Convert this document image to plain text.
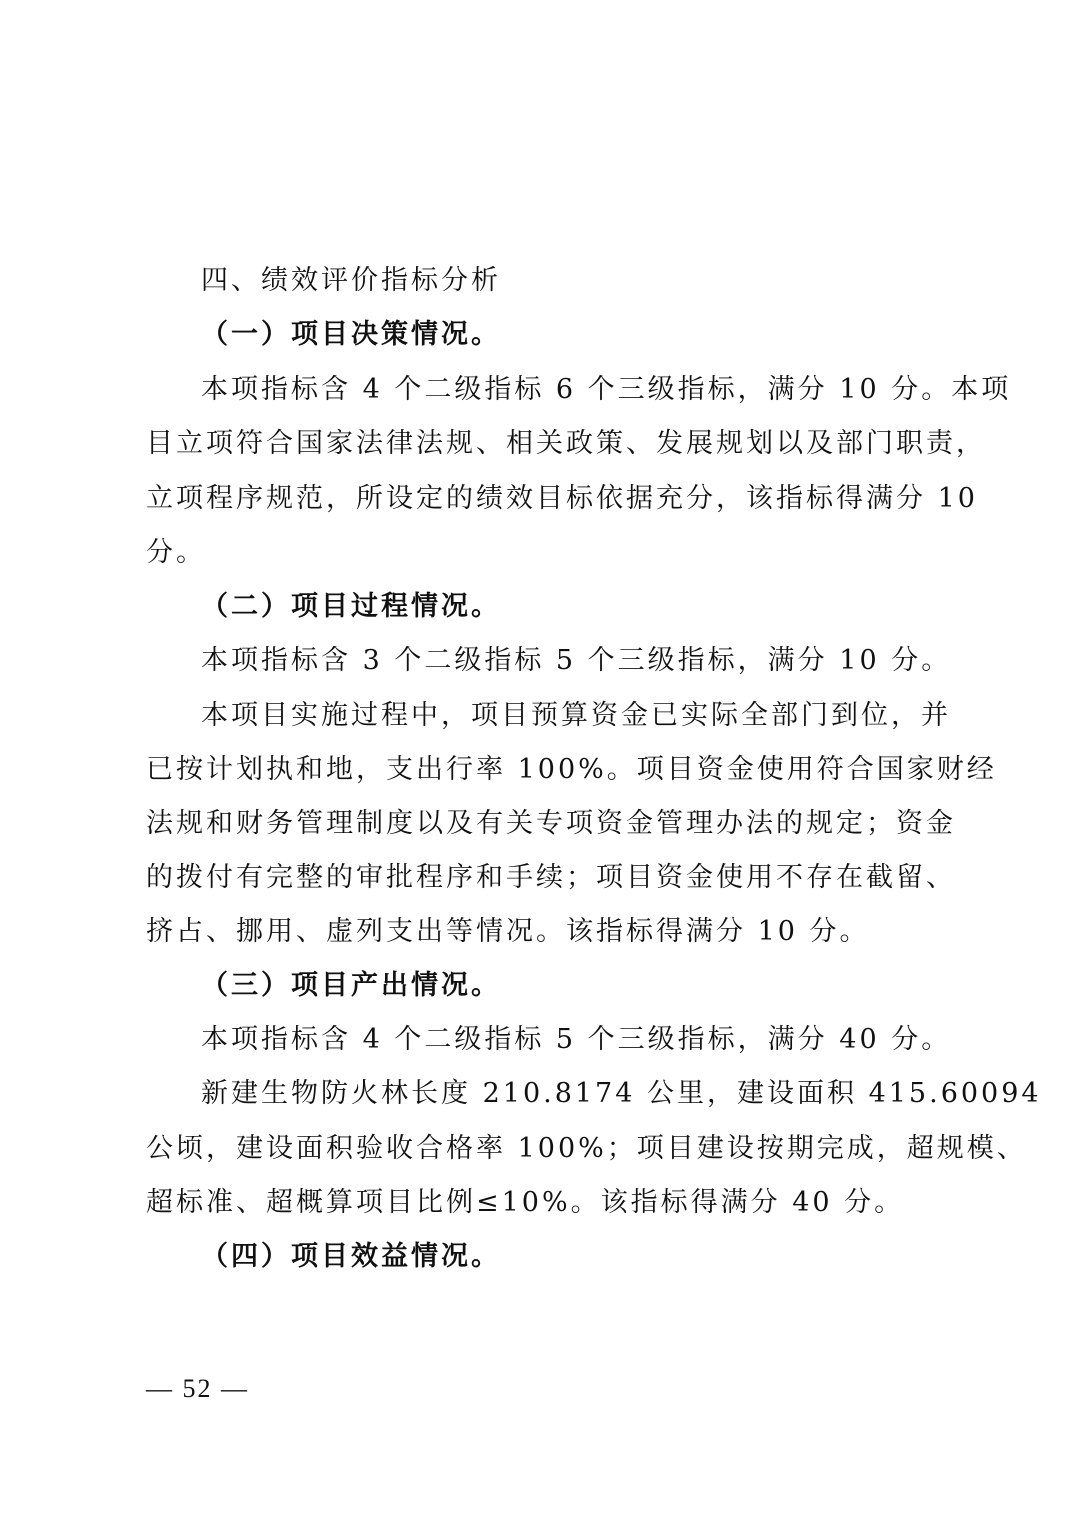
四、绩效评价指标分析
（一）项目决策情况。
本项指标含 4 个二级指标 6 个三级指标，满分 10 分。本项
目立项符合国家法律法规、相关政策、发展规划以及部门职责，
立项程序规范，所设定的绩效目标依据充分，该指标得满分 10
分。
（二）项目过程情况。
本项指标含 3 个二级指标 5 个三级指标，满分 10 分。
本项目实施过程中，项目预算资金已实际全部门到位，并
已按计划执和地，支出行率 100%。项目资金使用符合国家财经
法规和财务管理制度以及有关专项资金管理办法的规定；资金
的拨付有完整的审批程序和手续；项目资金使用不存在截留、
挤占、挪用、虚列支出等情况。该指标得满分 10 分。
（三）项目产出情况。
本项指标含 4 个二级指标 5 个三级指标，满分 40 分。
新建生物防火林长度 210.8174 公里，建设面积 415.60094
公顷，建设面积验收合格率 100%；项目建设按期完成，超规模、
超标准、超概算项目比例≤10%。该指标得满分 40 分。
（四）项目效益情况。
— 52 —
